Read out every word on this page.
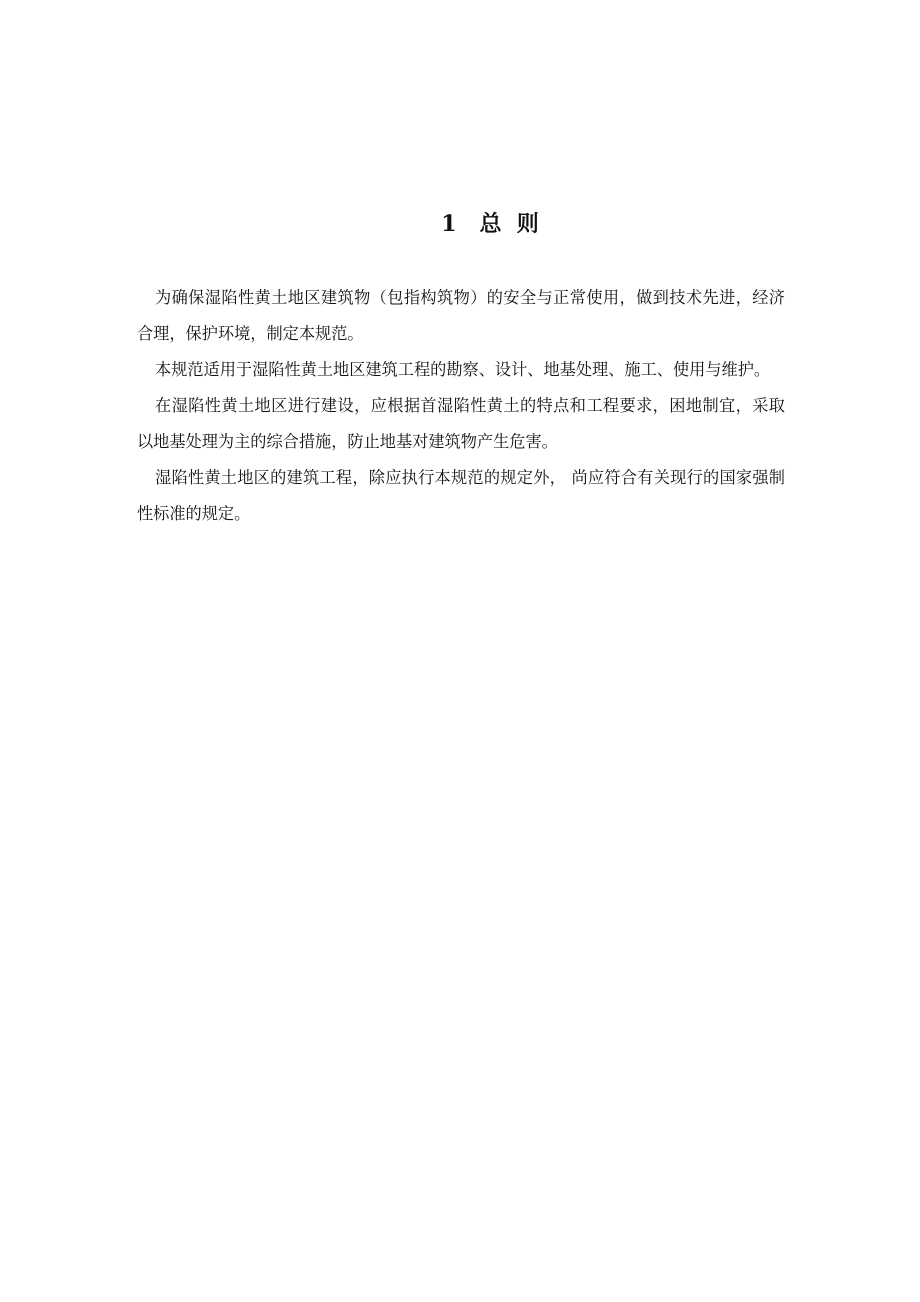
1   总  则

为确保湿陷性黄土地区建筑物（包指构筑物）的安全与正常使用，做到技术先进，经济合理，保护环境，制定本规范。

本规范适用于湿陷性黄土地区建筑工程的勘察、设计、地基处理、施工、使用与维护。

在湿陷性黄土地区进行建设，应根据首湿陷性黄土的特点和工程要求，困地制宜，采取以地基处理为主的综合措施，防止地基对建筑物产生危害。

湿陷性黄土地区的建筑工程，除应执行本规范的规定外， 尚应符合有关现行的国家强制性标准的规定。
